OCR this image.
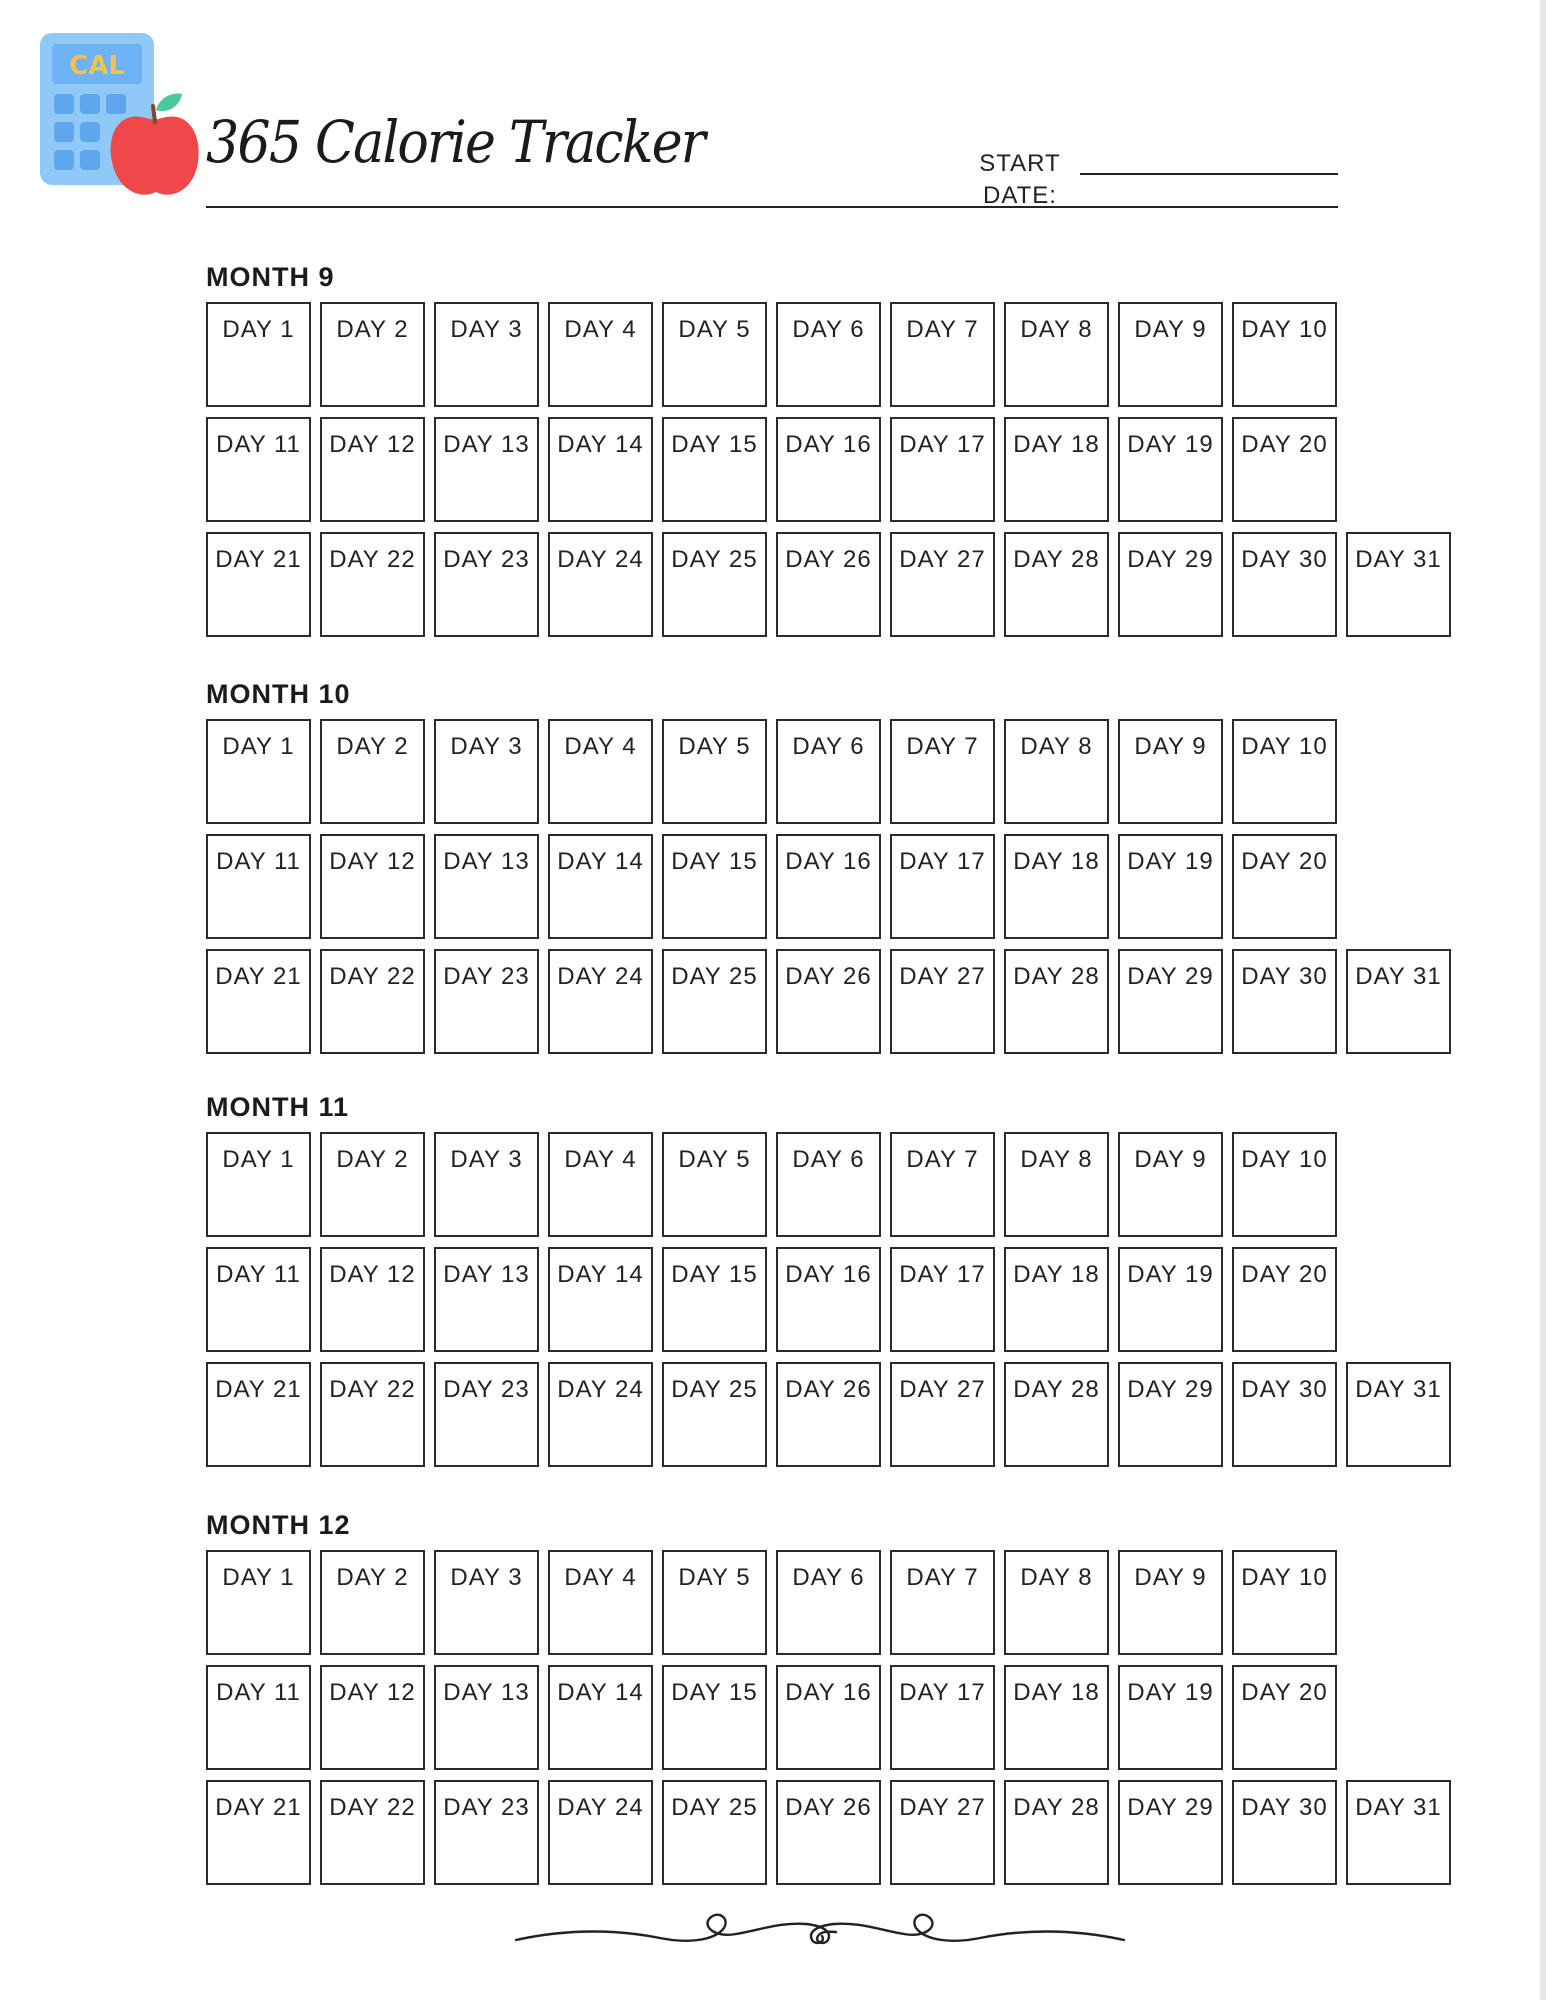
CAL
365 Calorie Tracker	START DATE:
MONTH 9
DAY 1	DAY 2	DAY 3	DAY 4	DAY 5	DAY 6	DAY 7	DAY 8	DAY 9	DAY 10
DAY 11	DAY 12	DAY 13	DAY 14	DAY 15	DAY 16	DAY 17	DAY 18	DAY 19	DAY 20
DAY 21	DAY 22	DAY 23	DAY 24	DAY 25	DAY 26	DAY 27	DAY 28	DAY 29	DAY 30	DAY 31
MONTH 10
DAY 1	DAY 2	DAY 3	DAY 4	DAY 5	DAY 6	DAY 7	DAY 8	DAY 9	DAY 10
DAY 11	DAY 12	DAY 13	DAY 14	DAY 15	DAY 16	DAY 17	DAY 18	DAY 19	DAY 20
DAY 21	DAY 22	DAY 23	DAY 24	DAY 25	DAY 26	DAY 27	DAY 28	DAY 29	DAY 30	DAY 31
MONTH 11
DAY 1	DAY 2	DAY 3	DAY 4	DAY 5	DAY 6	DAY 7	DAY 8	DAY 9	DAY 10
DAY 11	DAY 12	DAY 13	DAY 14	DAY 15	DAY 16	DAY 17	DAY 18	DAY 19	DAY 20
DAY 21	DAY 22	DAY 23	DAY 24	DAY 25	DAY 26	DAY 27	DAY 28	DAY 29	DAY 30	DAY 31
MONTH 12
DAY 1	DAY 2	DAY 3	DAY 4	DAY 5	DAY 6	DAY 7	DAY 8	DAY 9	DAY 10
DAY 11	DAY 12	DAY 13	DAY 14	DAY 15	DAY 16	DAY 17	DAY 18	DAY 19	DAY 20
DAY 21	DAY 22	DAY 23	DAY 24	DAY 25	DAY 26	DAY 27	DAY 28	DAY 29	DAY 30	DAY 31
